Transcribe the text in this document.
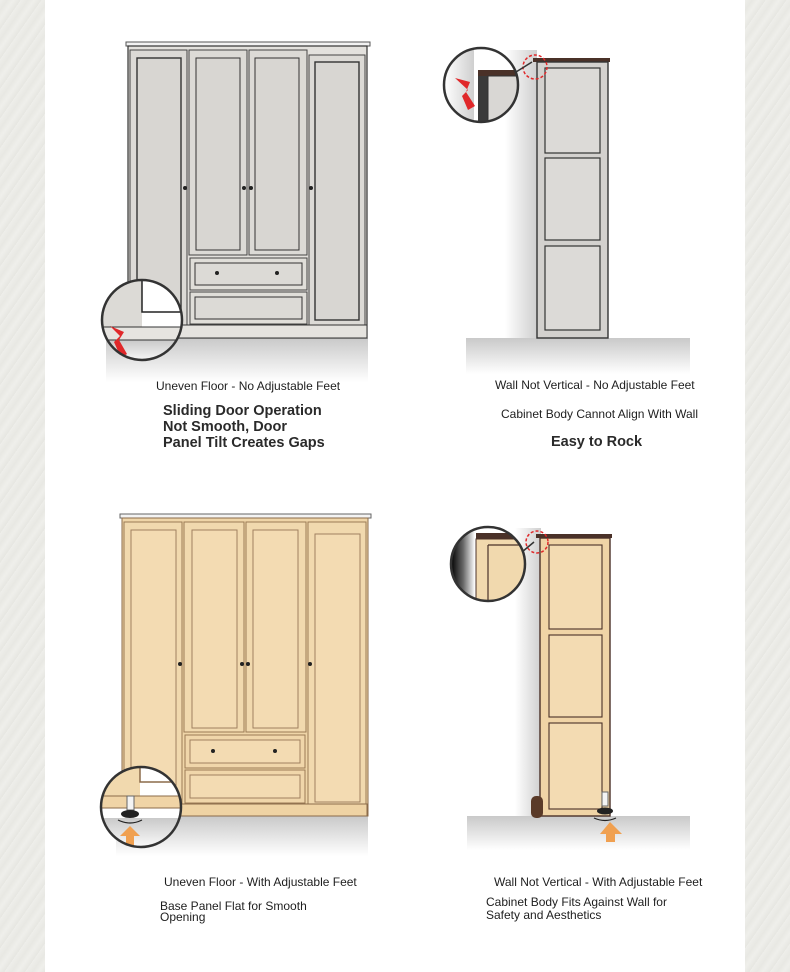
Uneven Floor - No Adjustable Feet
Sliding Door Operation
Not Smooth, Door
Panel Tilt Creates Gaps
Wall Not Vertical - No Adjustable Feet
Cabinet Body Cannot Align With Wall
Easy to Rock
Uneven Floor - With Adjustable Feet
Base Panel Flat for Smooth
Opening
Wall Not Vertical - With Adjustable Feet
Cabinet Body Fits Against Wall for
Safety and Aesthetics
